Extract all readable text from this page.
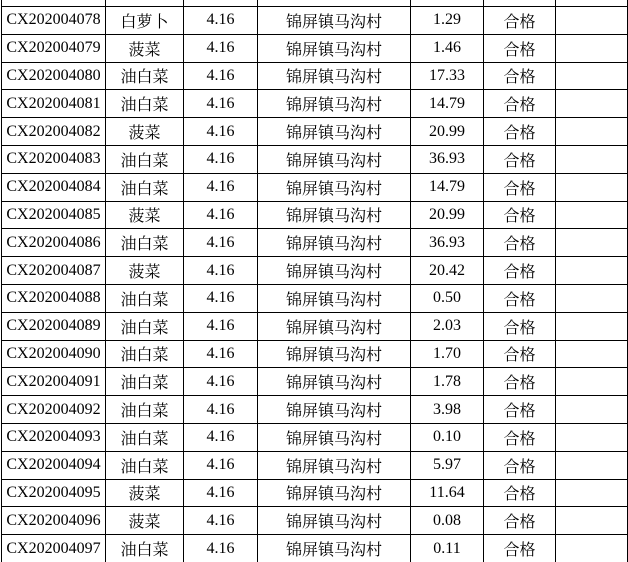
CX202004078	白萝卜	4.16	锦屏镇马沟村	1.29	合格	
CX202004079	菠菜	4.16	锦屏镇马沟村	1.46	合格	
CX202004080	油白菜	4.16	锦屏镇马沟村	17.33	合格	
CX202004081	油白菜	4.16	锦屏镇马沟村	14.79	合格	
CX202004082	菠菜	4.16	锦屏镇马沟村	20.99	合格	
CX202004083	油白菜	4.16	锦屏镇马沟村	36.93	合格	
CX202004084	油白菜	4.16	锦屏镇马沟村	14.79	合格	
CX202004085	菠菜	4.16	锦屏镇马沟村	20.99	合格	
CX202004086	油白菜	4.16	锦屏镇马沟村	36.93	合格	
CX202004087	菠菜	4.16	锦屏镇马沟村	20.42	合格	
CX202004088	油白菜	4.16	锦屏镇马沟村	0.50	合格	
CX202004089	油白菜	4.16	锦屏镇马沟村	2.03	合格	
CX202004090	油白菜	4.16	锦屏镇马沟村	1.70	合格	
CX202004091	油白菜	4.16	锦屏镇马沟村	1.78	合格	
CX202004092	油白菜	4.16	锦屏镇马沟村	3.98	合格	
CX202004093	油白菜	4.16	锦屏镇马沟村	0.10	合格	
CX202004094	油白菜	4.16	锦屏镇马沟村	5.97	合格	
CX202004095	菠菜	4.16	锦屏镇马沟村	11.64	合格	
CX202004096	菠菜	4.16	锦屏镇马沟村	0.08	合格	
CX202004097	油白菜	4.16	锦屏镇马沟村	0.11	合格	
